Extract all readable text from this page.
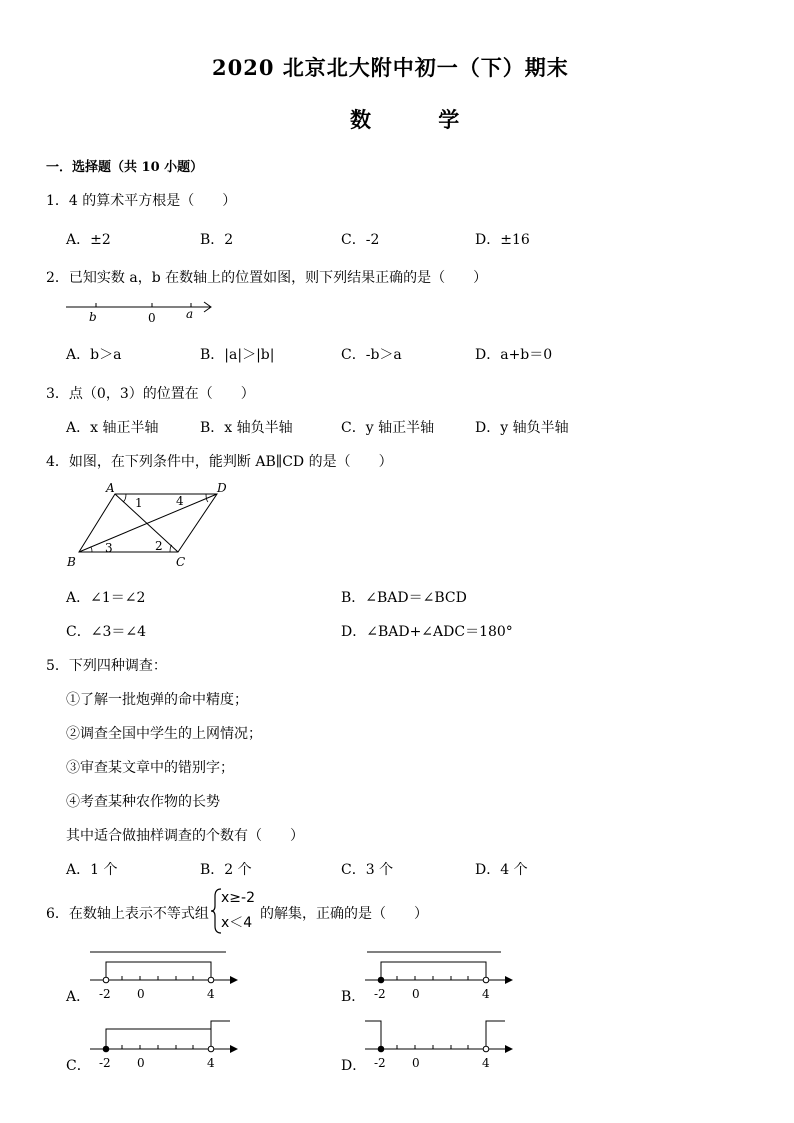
2020 北京北大附中初一（下）期末
数 学
一．选择题（共 10 小题）
1．4 的算术平方根是（　　）
A．±2	B．2	C．-2	D．±16
2．已知实数 a，b 在数轴上的位置如图，则下列结果正确的是（　　）
b	0	a
A．b＞a	B．|a|＞|b|	C．-b＞a	D．a+b＝0
3．点（0，3）的位置在（　　）
A．x 轴正半轴	B．x 轴负半轴	C．y 轴正半轴	D．y 轴负半轴
4．如图，在下列条件中，能判断 AB∥CD 的是（　　）
A	D
B	C
1	4
3	2
A．∠1＝∠2	B．∠BAD＝∠BCD
C．∠3＝∠4	D．∠BAD+∠ADC＝180°
5．下列四种调查：
①了解一批炮弹的命中精度；
②调查全国中学生的上网情况；
③审查某文章中的错别字；
④考查某种农作物的长势
其中适合做抽样调查的个数有（　　）
A．1 个	B．2 个	C．3 个	D．4 个
6．在数轴上表示不等式组
x≥-2
x＜4
的解集，正确的是（　　）
A． -2 0	4	B． -2 0	4
C． -2 0	4	D． -2 0	4
